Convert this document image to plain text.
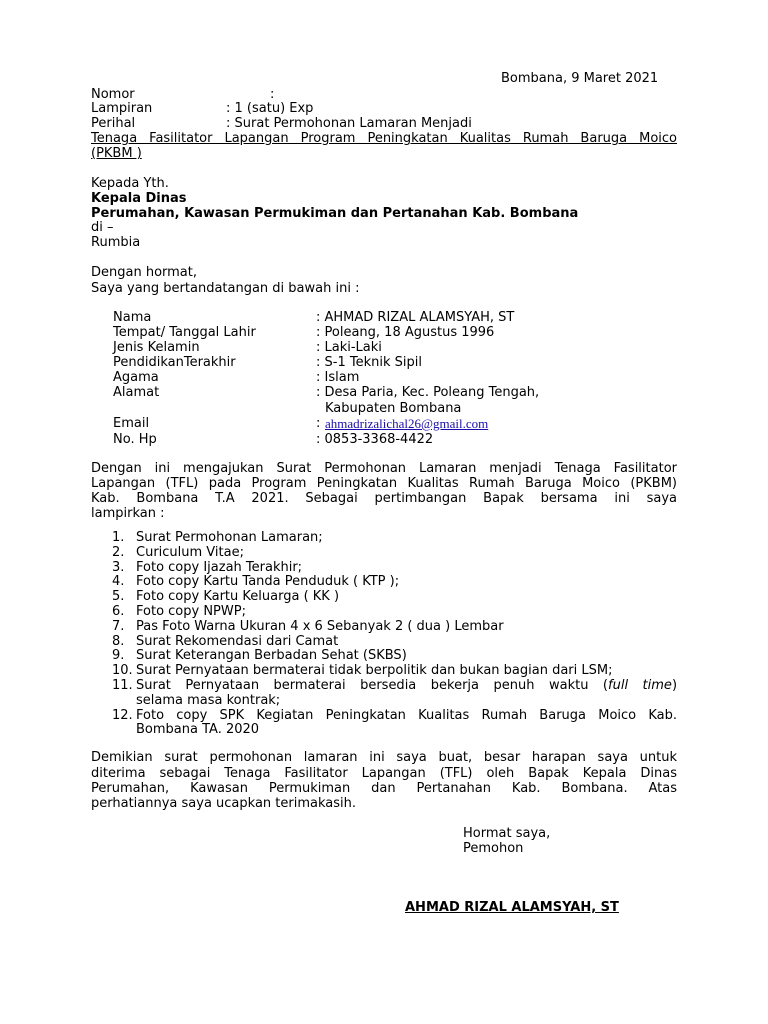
Bombana, 9 Maret 2021
Nomor	:
Lampiran	: 1 (satu) Exp
Perihal	: Surat Permohonan Lamaran Menjadi
Tenaga Fasilitator Lapangan Program Peningkatan Kualitas Rumah Baruga Moico
(PKBM )
Kepada Yth.
Kepala Dinas
Perumahan, Kawasan Permukiman dan Pertanahan Kab. Bombana
di –
Rumbia
Dengan hormat,
Saya yang bertandatangan di bawah ini :
Nama	: AHMAD RIZAL ALAMSYAH, ST
Tempat/ Tanggal Lahir	: Poleang, 18 Agustus 1996
Jenis Kelamin	: Laki-Laki
PendidikanTerakhir	: S-1 Teknik Sipil
Agama	: Islam
Alamat	: Desa Paria, Kec. Poleang Tengah,
Kabupaten Bombana
Email	: ahmadrizalichal26@gmail.com
No. Hp	: 0853-3368-4422
Dengan ini mengajukan Surat Permohonan Lamaran menjadi Tenaga Fasilitator
Lapangan (TFL) pada Program Peningkatan Kualitas Rumah Baruga Moico (PKBM)
Kab. Bombana T.A 2021. Sebagai pertimbangan Bapak bersama ini saya
lampirkan :
1. Surat Permohonan Lamaran;
2. Curiculum Vitae;
3. Foto copy Ijazah Terakhir;
4. Foto copy Kartu Tanda Penduduk ( KTP );
5. Foto copy Kartu Keluarga ( KK )
6. Foto copy NPWP;
7. Pas Foto Warna Ukuran 4 x 6 Sebanyak 2 ( dua ) Lembar
8. Surat Rekomendasi dari Camat
9. Surat Keterangan Berbadan Sehat (SKBS)
10. Surat Pernyataan bermaterai tidak berpolitik dan bukan bagian dari LSM;
11. Surat Pernyataan bermaterai bersedia bekerja penuh waktu (full time)
selama masa kontrak;
12. Foto copy SPK Kegiatan Peningkatan Kualitas Rumah Baruga Moico Kab.
Bombana TA. 2020
Demikian surat permohonan lamaran ini saya buat, besar harapan saya untuk
diterima sebagai Tenaga Fasilitator Lapangan (TFL) oleh Bapak Kepala Dinas
Perumahan, Kawasan Permukiman dan Pertanahan Kab. Bombana. Atas
perhatiannya saya ucapkan terimakasih.
Hormat saya,
Pemohon
AHMAD RIZAL ALAMSYAH, ST
